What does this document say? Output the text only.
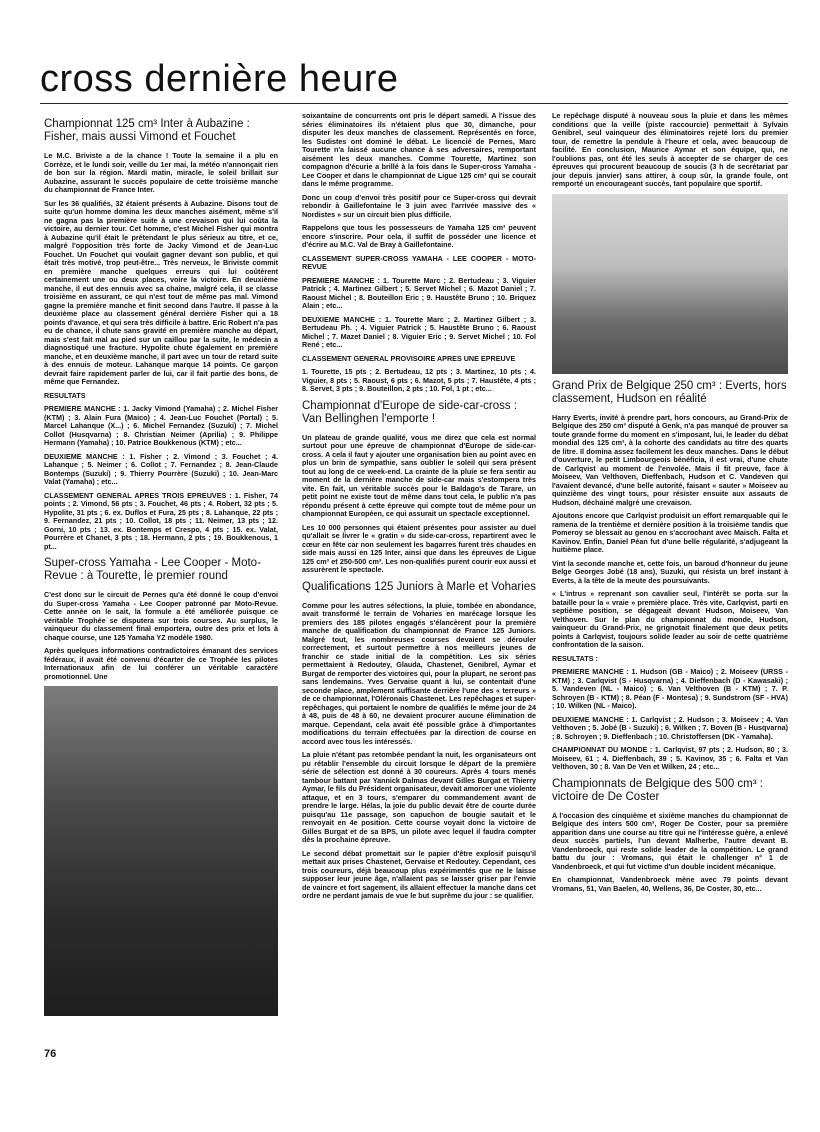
cross dernière heure
Championnat 125 cm³ Inter à Aubazine : Fisher, mais aussi Vimond et Fouchet

Le M.C. Briviste a de la chance ! Toute la semaine il a plu en Corrèze, et le lundi soir, veille du 1er mai, la météo n'annonçait rien de bon sur la région. Mardi matin, miracle, le soleil brillait sur Aubazine, assurant le succès populaire de cette troisième manche du championnat de France Inter.

Sur les 36 qualifiés, 32 étaient présents à Aubazine. Disons tout de suite qu'un homme domina les deux manches aisément, même s'il ne gagna pas la première suite à une crevaison qui lui coûta la victoire, au dernier tour. Cet homme, c'est Michel Fisher qui montra à Aubazine qu'il était le prétendant le plus sérieux au titre, et ce, malgré l'opposition très forte de Jacky Vimond et de Jean-Luc Fouchet. Un Fouchet qui voulait gagner devant son public, et qui était très motivé, trop peut-être... Très nerveux, le Briviste commit en première manche quelques erreurs qui lui coûtèrent certainement une ou deux places, voire la victoire. En deuxième manche, il eut des ennuis avec sa chaîne, malgré cela, il se classe troisième en assurant, ce qui n'est tout de même pas mal. Vimond gagne la première manche et finit second dans l'autre. Il passe à la deuxième place au classement général derrière Fisher qui a 18 points d'avance, et qui sera très difficile à battre. Eric Robert n'a pas eu de chance, il chute sans gravité en première manche au départ, mais s'est fait mal au pied sur un caillou par la suite, le médecin a diagnostiqué une fracture. Hypolite chute également en première manche, et en deuxième manche, il part avec un tour de retard suite à des ennuis de moteur. Lahanque marque 14 points. Ce garçon devrait faire rapidement parler de lui, car il fait partie des bons, de même que Fernandez.

RESULTATS

PREMIERE MANCHE : 1. Jacky Vimond (Yamaha) ; 2. Michel Fisher (KTM) ; 3. Alain Fura (Maico) ; 4. Jean-Luc Fouchet (Portal) ; 5. Marcel Lahanque (X...) ; 6. Michel Fernandez (Suzuki) ; 7. Michel Collot (Husqvarna) ; 8. Christian Neimer (Aprilia) ; 9. Philippe Hermann (Yamaha) ; 10. Patrice Boukkenous (KTM) ; etc...

DEUXIEME MANCHE : 1. Fisher ; 2. Vimond ; 3. Fouchet ; 4. Lahanque ; 5. Neimer ; 6. Collot ; 7. Fernandez ; 8. Jean-Claude Bontemps (Suzuki) ; 9. Thierry Pourrère (Suzuki) ; 10. Jean-Marc Valat (Yamaha) ; etc...

CLASSEMENT GENERAL APRES TROIS EPREUVES : 1. Fisher, 74 points ; 2. Vimond, 56 pts ; 3. Fouchet, 46 pts ; 4. Robert, 32 pts ; 5. Hypolite, 31 pts ; 6. ex. Duflos et Fura, 25 pts ; 8. Lahanque, 22 pts ; 9. Fernandez, 21 pts ; 10. Collot, 18 pts ; 11. Neimer, 13 pts ; 12. Gorni, 10 pts ; 13. ex. Bontemps et Crespo, 4 pts ; 15. ex. Valat, Pourrère et Chanet, 3 pts ; 18. Hermann, 2 pts ; 19. Boukkenous, 1 pt...

Super-cross Yamaha - Lee Cooper - Moto-Revue : à Tourette, le premier round

C'est donc sur le circuit de Pernes qu'a été donné le coup d'envoi du Super-cross Yamaha - Lee Cooper patronné par Moto-Revue. Cette année on le sait, la formule a été améliorée puisque ce véritable Trophée se disputera sur trois courses. Au surplus, le vainqueur du classement final emportera, outre des prix et lots à chaque course, une 125 Yamaha YZ modèle 1980.

Après quelques informations contradictoires émanant des services fédéraux, il avait été convenu d'écarter de ce Trophée les pilotes Internationaux afin de lui conférer un véritable caractère promotionnel. Une

soixantaine de concurrents ont pris le départ samedi. A l'issue des séries éliminatoires ils n'étaient plus que 30, dimanche, pour disputer les deux manches de classement. Représentés en force, les Sudistes ont dominé le débat. Le licencié de Pernes, Marc Tourette n'a laissé aucune chance à ses adversaires, remportant aisément les deux manches. Comme Tourette, Martinez son compagnon d'écurie a brillé à la fois dans le Super-cross Yamaha - Lee Cooper et dans le championnat de Ligue 125 cm³ qui se courait dans le même programme.

Donc un coup d'envoi très positif pour ce Super-cross qui devrait rebondir à Gaillefontaine le 3 juin avec l'arrivée massive des « Nordistes » sur un circuit bien plus difficile.

Rappelons que tous les possesseurs de Yamaha 125 cm³ peuvent encore s'inscrire. Pour cela, il suffit de posséder une licence et d'écrire au M.C. Val de Bray à Gaillefontaine.

CLASSEMENT SUPER-CROSS YAMAHA - LEE COOPER - MOTO-REVUE

PREMIERE MANCHE : 1. Tourette Marc ; 2. Bertudeau ; 3. Viguier Patrick ; 4. Martinez Gilbert ; 5. Servet Michel ; 6. Mazot Daniel ; 7. Raoust Michel ; 8. Bouteillon Eric ; 9. Haustête Bruno ; 10. Briquez Alain ; etc...

DEUXIEME MANCHE : 1. Tourette Marc ; 2. Martinez Gilbert ; 3. Bertudeau Ph. ; 4. Viguier Patrick ; 5. Haustête Bruno ; 6. Raoust Michel ; 7. Mazet Daniel ; 8. Viguier Eric ; 9. Servet Michel ; 10. Fol René ; etc...

CLASSEMENT GENERAL PROVISOIRE APRES UNE EPREUVE

1. Tourette, 15 pts ; 2. Bertudeau, 12 pts ; 3. Martinez, 10 pts ; 4. Viguier, 8 pts ; 5. Raoust, 6 pts ; 6. Mazot, 5 pts ; 7. Haustête, 4 pts ; 8. Servet, 3 pts ; 9. Bouteillon, 2 pts ; 10. Fol, 1 pt ; etc...

Championnat d'Europe de side-car-cross : Van Bellinghen l'emporte !

Un plateau de grande qualité, vous me direz que cela est normal surtout pour une épreuve de championnat d'Europe de side-car-cross. A cela il faut y ajouter une organisation bien au point avec en plus un brin de sympathie, sans oublier le soleil qui sera présent tout au long de ce week-end. La crainte de la pluie se fera sentir au moment de la dernière manche de side-car mais s'estompera très vite. En fait, un véritable succès pour le Baldago's de Tarare, un petit point ne existe tout de même dans tout cela, le public n'a pas répondu présent à cette épreuve qui compte tout de même pour un championnat Européen, ce qui assurait un spectacle exceptionnel.

Les 10 000 personnes qui étaient présentes pour assister au duel qu'allait se livrer le « gratin » du side-car-cross, repartirent avec le cœur en fête car non seulement les bagarres furent très chaudes en side mais aussi en 125 Inter, ainsi que dans les épreuves de Ligue 125 cm³ et 250-500 cm³. Les non-qualifiés purent courir eux aussi et assurèrent le spectacle.

Qualifications 125 Juniors à Marle et Voharies

Comme pour les autres sélections, la pluie, tombée en abondance, avait transformé le terrain de Voharies en marécage lorsque les premiers des 185 pilotes engagés s'élancèrent pour la première manche de qualification du championnat de France 125 Juniors. Malgré tout, les nombreuses courses devaient se dérouler correctement, et surtout permettre à nos meilleurs jeunes de franchir ce stade initial de la compétition. Les six séries permettaient à Redoutey, Glauda, Chastenet, Genibrel, Aymar et Burgat de remporter des victoires qui, pour la plupart, ne seront pas sans lendemains. Yves Gervaise quant à lui, se contentait d'une seconde place, amplement suffisante derrière l'une des « terreurs » de ce championnat, l'Oléronais Chastenet. Les repêchages et super-repêchages, qui portaient le nombre de qualifiés le même jour de 24 à 48, puis de 48 à 60, ne devaient procurer aucune élimination de marque. Cependant, cela avait été possible grâce à d'importantes modifications du terrain effectuées par la direction de course en accord avec tous les intéressés.

La pluie n'étant pas retombée pendant la nuit, les organisateurs ont pu rétablir l'ensemble du circuit lorsque le départ de la première série de sélection est donné à 30 coureurs. Après 4 tours menés tambour battant par Yannick Dalmas devant Gilles Burgat et Thierry Aymar, le fils du Président organisateur, devait amorcer une violente attaque, et en 3 tours, s'emparer du commandement avant de prendre le large. Hélas, la joie du public devait être de courte durée puisqu'au 11e passage, son capuchon de bougie sautait et le renvoyait en 4e position. Cette course voyait donc la victoire de Gilles Burgat et de sa BPS, un pilote avec lequel il faudra compter dès la prochaine épreuve.

Le second débat promettait sur le papier d'être explosif puisqu'il mettait aux prises Chastenet, Gervaise et Redoutey. Cependant, ces trois coureurs, déjà beaucoup plus expérimentés que ne le laisse supposer leur jeune âge, n'allaient pas se laisser griser par l'envie de vaincre et fort sagement, ils allaient effectuer la manche dans cet ordre ne perdant jamais de vue le but suprême du jour : se qualifier.

Le repêchage disputé à nouveau sous la pluie et dans les mêmes conditions que la veille (piste raccourcie) permettait à Sylvain Genibrel, seul vainqueur des éliminatoires rejeté lors du premier tour, de remettre la pendule à l'heure et cela, avec beaucoup de facilité. En conclusion, Maurice Aymar et son équipe, qui, ne l'oublions pas, ont été les seuls à accepter de se charger de ces épreuves qui procurent beaucoup de soucis (3 h de secrétariat par jour depuis janvier) sans attirer, à coup sûr, la grande foule, ont remporté un encourageant succès, tant populaire que sportif.

Grand Prix de Belgique 250 cm³ : Everts, hors classement, Hudson en réalité

Harry Everts, invité à prendre part, hors concours, au Grand-Prix de Belgique des 250 cm³ disputé à Genk, n'a pas manqué de prouver sa toute grande forme du moment en s'imposant, lui, le leader du débat mondial des 125 cm³, à la cohorte des candidats au titre des quarts de litre. Il domina assez facilement les deux manches. Dans le début d'ouverture, le petit Limbourgeois bénéficia, il est vrai, d'une chute de Carlqvist au moment de l'envolée. Mais il fit preuve, face à Moiseev, Van Velthoven, Dieffenbach, Hudson et C. Vandeven qui l'avaient devancé, d'une belle autorité, faisant « sauter » Moiseev au quinzième des vingt tours, pour résister ensuite aux assauts de Hudson, déchainé malgré une crevaison.

Ajoutons encore que Carlqvist produisit un effort remarquable qui le ramena de la trentième et dernière position à la troisième tandis que Pomeroy se blessait au genou en s'accrochant avec Maisch. Falta et Kavinov. Enfin, Daniel Péan fut d'une belle régularité, s'adjugeant la huitième place.

Vint la seconde manche et, cette fois, un baroud d'honneur du jeune Belge Georges Jobé (18 ans), Suzuki, qui résista un bref instant à Everts, à la tête de la meute des poursuivants.

« L'intrus » reprenant son cavalier seul, l'intérêt se porta sur la bataille pour la « vraie » première place. Très vite, Carlqvist, parti en septième position, se dégageait devant Hudson, Moiseev, Van Velthoven. Sur le plan du championnat du monde, Hudson, vainqueur du Grand-Prix, ne grignotait finalement que deux petits points à Carlqvist, toujours solide leader au soir de cette quatrième confrontation de la saison.

RESULTATS :

PREMIERE MANCHE : 1. Hudson (GB - Maico) ; 2. Moiseev (URSS - KTM) ; 3. Carlqvist (S - Husqvarna) ; 4. Dieffenbach (D - Kawasaki) ; 5. Vandeven (NL - Maico) ; 6. Van Velthoven (B - KTM) ; 7. P. Schroyen (B - KTM) ; 8. Péan (F - Montesa) ; 9. Sundstrom (SF - HVA) ; 10. Wilken (NL - Maico).

DEUXIEME MANCHE : 1. Carlqvist ; 2. Hudson ; 3. Moiseev ; 4. Van Velthoven ; 5. Jobé (B - Suzuki) ; 6. Wilken ; 7. Boven (B - Husqvarna) ; 8. Schroyen ; 9. Dieffenbach ; 10. Christoffersen (DK - Yamaha).

CHAMPIONNAT DU MONDE : 1. Carlqvist, 97 pts ; 2. Hudson, 80 ; 3. Moiseev, 61 ; 4. Dieffenbach, 39 ; 5. Kavinov, 35 ; 6. Falta et Van Velthoven, 30 ; 8. Van De Ven et Wilken, 24 ; etc...

Championnats de Belgique des 500 cm³ : victoire de De Coster

A l'occasion des cinquième et sixième manches du championnat de Belgique des inters 500 cm³, Roger De Coster, pour sa première apparition dans une course au titre qui ne l'intéresse guère, a enlevé deux succès partiels, l'un devant Malherbe, l'autre devant B. Vandenbroeck, qui reste solide leader de la compétition. Le grand battu du jour : Vromans, qui était le challenger n° 1 de Vandenbroeck, et qui fut victime d'un double incident mécanique.

En championnat, Vandenbroeck mène avec 79 points devant Vromans, 51, Van Baelen, 40, Wellens, 36, De Coster, 30, etc...

76
